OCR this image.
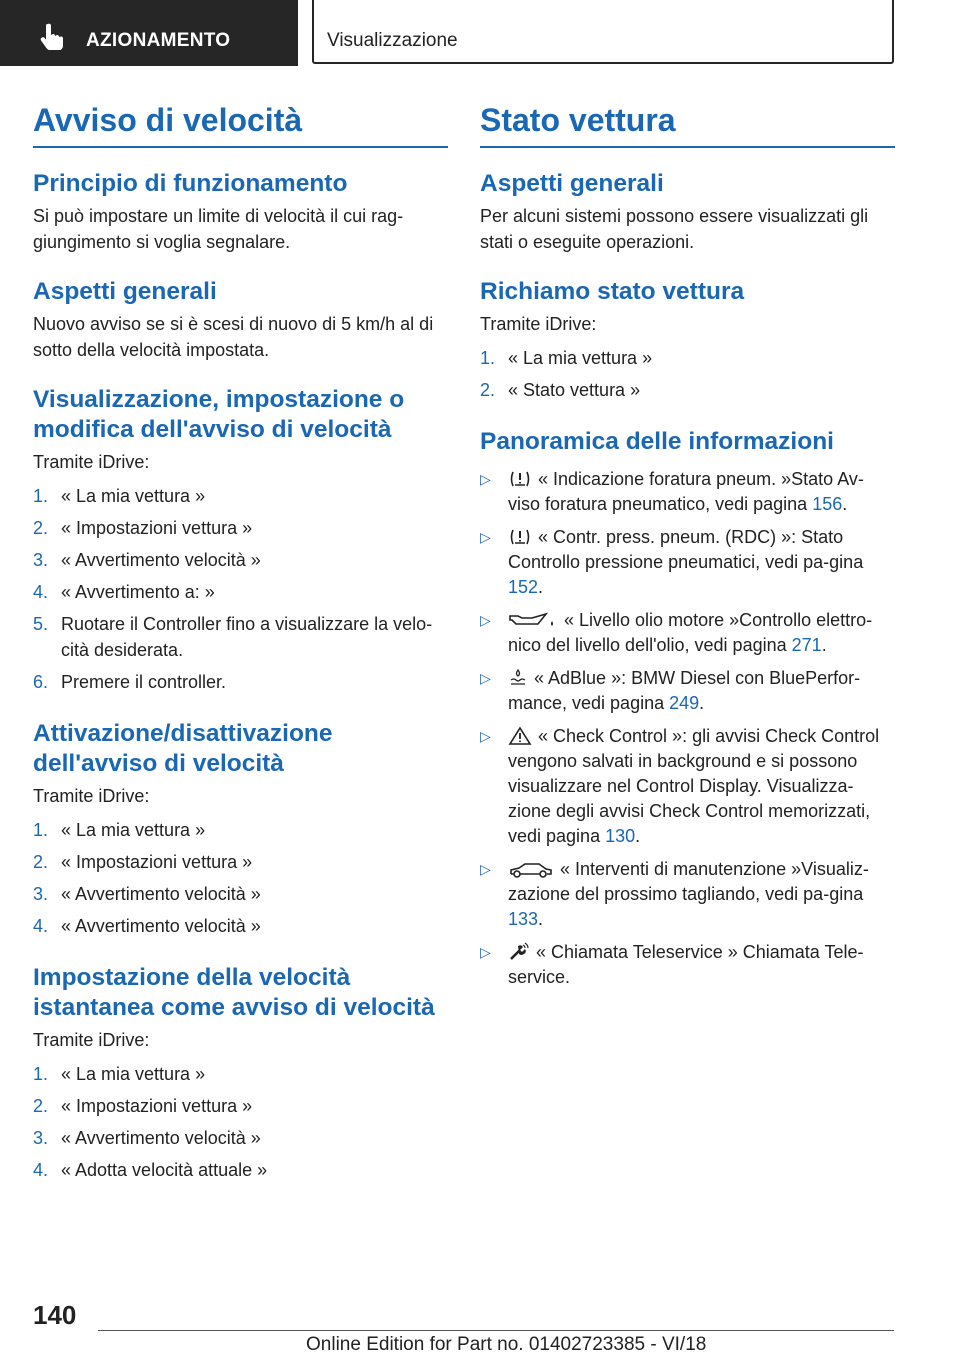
AZIONAMENTO	Visualizzazione
Avviso di velocità
Principio di funzionamento
Si può impostare un limite di velocità il cui rag-giungimento si voglia segnalare.
Aspetti generali
Nuovo avviso se si è scesi di nuovo di 5 km/h al di sotto della velocità impostata.
Visualizzazione, impostazione o modifica dell'avviso di velocità
Tramite iDrive:
1. « La mia vettura »
2. « Impostazioni vettura »
3. « Avvertimento velocità »
4. « Avvertimento a: »
5. Ruotare il Controller fino a visualizzare la velo-cità desiderata.
6. Premere il controller.
Attivazione/disattivazione dell'avviso di velocità
Tramite iDrive:
1. « La mia vettura »
2. « Impostazioni vettura »
3. « Avvertimento velocità »
4. « Avvertimento velocità »
Impostazione della velocità istantanea come avviso di velocità
Tramite iDrive:
1. « La mia vettura »
2. « Impostazioni vettura »
3. « Avvertimento velocità »
4. « Adotta velocità attuale »
Stato vettura
Aspetti generali
Per alcuni sistemi possono essere visualizzati gli stati o eseguite operazioni.
Richiamo stato vettura
Tramite iDrive:
1. « La mia vettura »
2. « Stato vettura »
Panoramica delle informazioni
▷	« Indicazione foratura pneum. »Stato Av-viso foratura pneumatico, vedi pagina 156.
▷	« Contr. press. pneum. (RDC) »: Stato Controllo pressione pneumatici, vedi pa-gina 152.
▷	« Livello olio motore »Controllo elettro-nico del livello dell'olio, vedi pagina 271.
▷ « AdBlue »: BMW Diesel con BluePerfor-mance, vedi pagina 249.
▷	« Check Control »: gli avvisi Check Control vengono salvati in background e si possono visualizzare nel Control Display. Visualizza-zione degli avvisi Check Control memorizzati, vedi pagina 130.
▷	« Interventi di manutenzione »Visualiz-zazione del prossimo tagliando, vedi pa-gina 133.
▷	« Chiamata Teleservice » Chiamata Tele-service.
140
Online Edition for Part no. 01402723385 - VI/18
